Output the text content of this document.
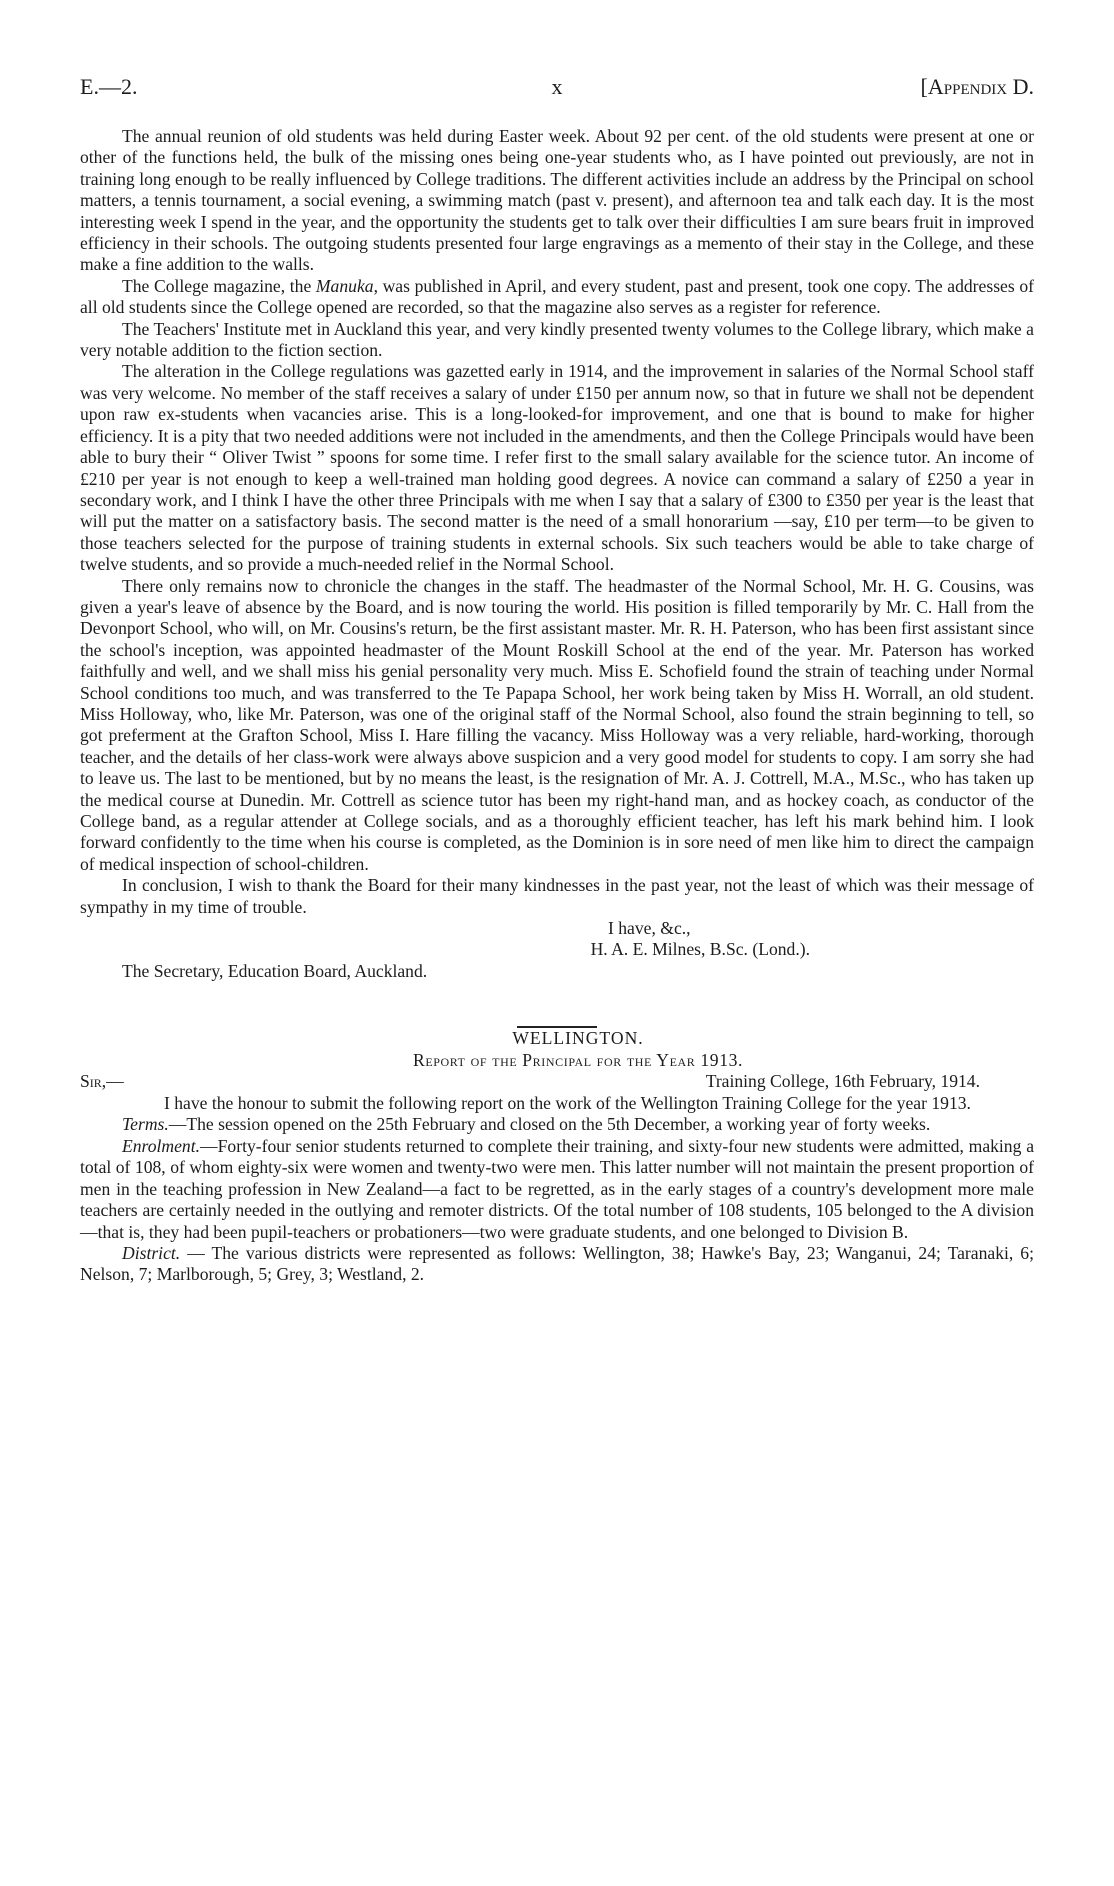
E.—2.	x	[Appendix D.

The annual reunion of old students was held during Easter week. About 92 per cent. of the old students were present at one or other of the functions held, the bulk of the missing ones being one-year students who, as I have pointed out previously, are not in training long enough to be really influenced by College traditions. The different activities include an address by the Principal on school matters, a tennis tournament, a social evening, a swimming match (past v. present), and afternoon tea and talk each day. It is the most interesting week I spend in the year, and the opportunity the students get to talk over their difficulties I am sure bears fruit in improved efficiency in their schools. The outgoing students presented four large engravings as a memento of their stay in the College, and these make a fine addition to the walls.

The College magazine, the Manuka, was published in April, and every student, past and present, took one copy. The addresses of all old students since the College opened are recorded, so that the magazine also serves as a register for reference.

The Teachers' Institute met in Auckland this year, and very kindly presented twenty volumes to the College library, which make a very notable addition to the fiction section.

The alteration in the College regulations was gazetted early in 1914, and the improvement in salaries of the Normal School staff was very welcome. No member of the staff receives a salary of under £150 per annum now, so that in future we shall not be dependent upon raw ex-students when vacancies arise. This is a long-looked-for improvement, and one that is bound to make for higher efficiency. It is a pity that two needed additions were not included in the amendments, and then the College Principals would have been able to bury their “ Oliver Twist ” spoons for some time. I refer first to the small salary available for the science tutor. An income of £210 per year is not enough to keep a well-trained man holding good degrees. A novice can command a salary of £250 a year in secondary work, and I think I have the other three Principals with me when I say that a salary of £300 to £350 per year is the least that will put the matter on a satisfactory basis. The second matter is the need of a small honorarium —say, £10 per term—to be given to those teachers selected for the purpose of training students in external schools. Six such teachers would be able to take charge of twelve students, and so provide a much-needed relief in the Normal School.

There only remains now to chronicle the changes in the staff. The headmaster of the Normal School, Mr. H. G. Cousins, was given a year's leave of absence by the Board, and is now touring the world. His position is filled temporarily by Mr. C. Hall from the Devonport School, who will, on Mr. Cousins's return, be the first assistant master. Mr. R. H. Paterson, who has been first assistant since the school's inception, was appointed headmaster of the Mount Roskill School at the end of the year. Mr. Paterson has worked faithfully and well, and we shall miss his genial personality very much. Miss E. Schofield found the strain of teaching under Normal School conditions too much, and was transferred to the Te Papapa School, her work being taken by Miss H. Worrall, an old student. Miss Holloway, who, like Mr. Paterson, was one of the original staff of the Normal School, also found the strain beginning to tell, so got preferment at the Grafton School, Miss I. Hare filling the vacancy. Miss Holloway was a very reliable, hard-working, thorough teacher, and the details of her class-work were always above suspicion and a very good model for students to copy. I am sorry she had to leave us. The last to be mentioned, but by no means the least, is the resignation of Mr. A. J. Cottrell, M.A., M.Sc., who has taken up the medical course at Dunedin. Mr. Cottrell as science tutor has been my right-hand man, and as hockey coach, as conductor of the College band, as a regular attender at College socials, and as a thoroughly efficient teacher, has left his mark behind him. I look forward confidently to the time when his course is completed, as the Dominion is in sore need of men like him to direct the campaign of medical inspection of school-children.

In conclusion, I wish to thank the Board for their many kindnesses in the past year, not the least of which was their message of sympathy in my time of trouble.

I have, &c.,

H. A. E. Milnes, B.Sc. (Lond.).

The Secretary, Education Board, Auckland.

WELLINGTON.

Report of the Principal for the Year 1913.

Sir,—	Training College, 16th February, 1914.

I have the honour to submit the following report on the work of the Wellington Training College for the year 1913.

Terms.—The session opened on the 25th February and closed on the 5th December, a working year of forty weeks.

Enrolment.—Forty-four senior students returned to complete their training, and sixty-four new students were admitted, making a total of 108, of whom eighty-six were women and twenty-two were men. This latter number will not maintain the present proportion of men in the teaching profession in New Zealand—a fact to be regretted, as in the early stages of a country's development more male teachers are certainly needed in the outlying and remoter districts. Of the total number of 108 students, 105 belonged to the A division—that is, they had been pupil-teachers or probationers—two were graduate students, and one belonged to Division B.

District. — The various districts were represented as follows: Wellington, 38; Hawke's Bay, 23; Wanganui, 24; Taranaki, 6; Nelson, 7; Marlborough, 5; Grey, 3; Westland, 2.
